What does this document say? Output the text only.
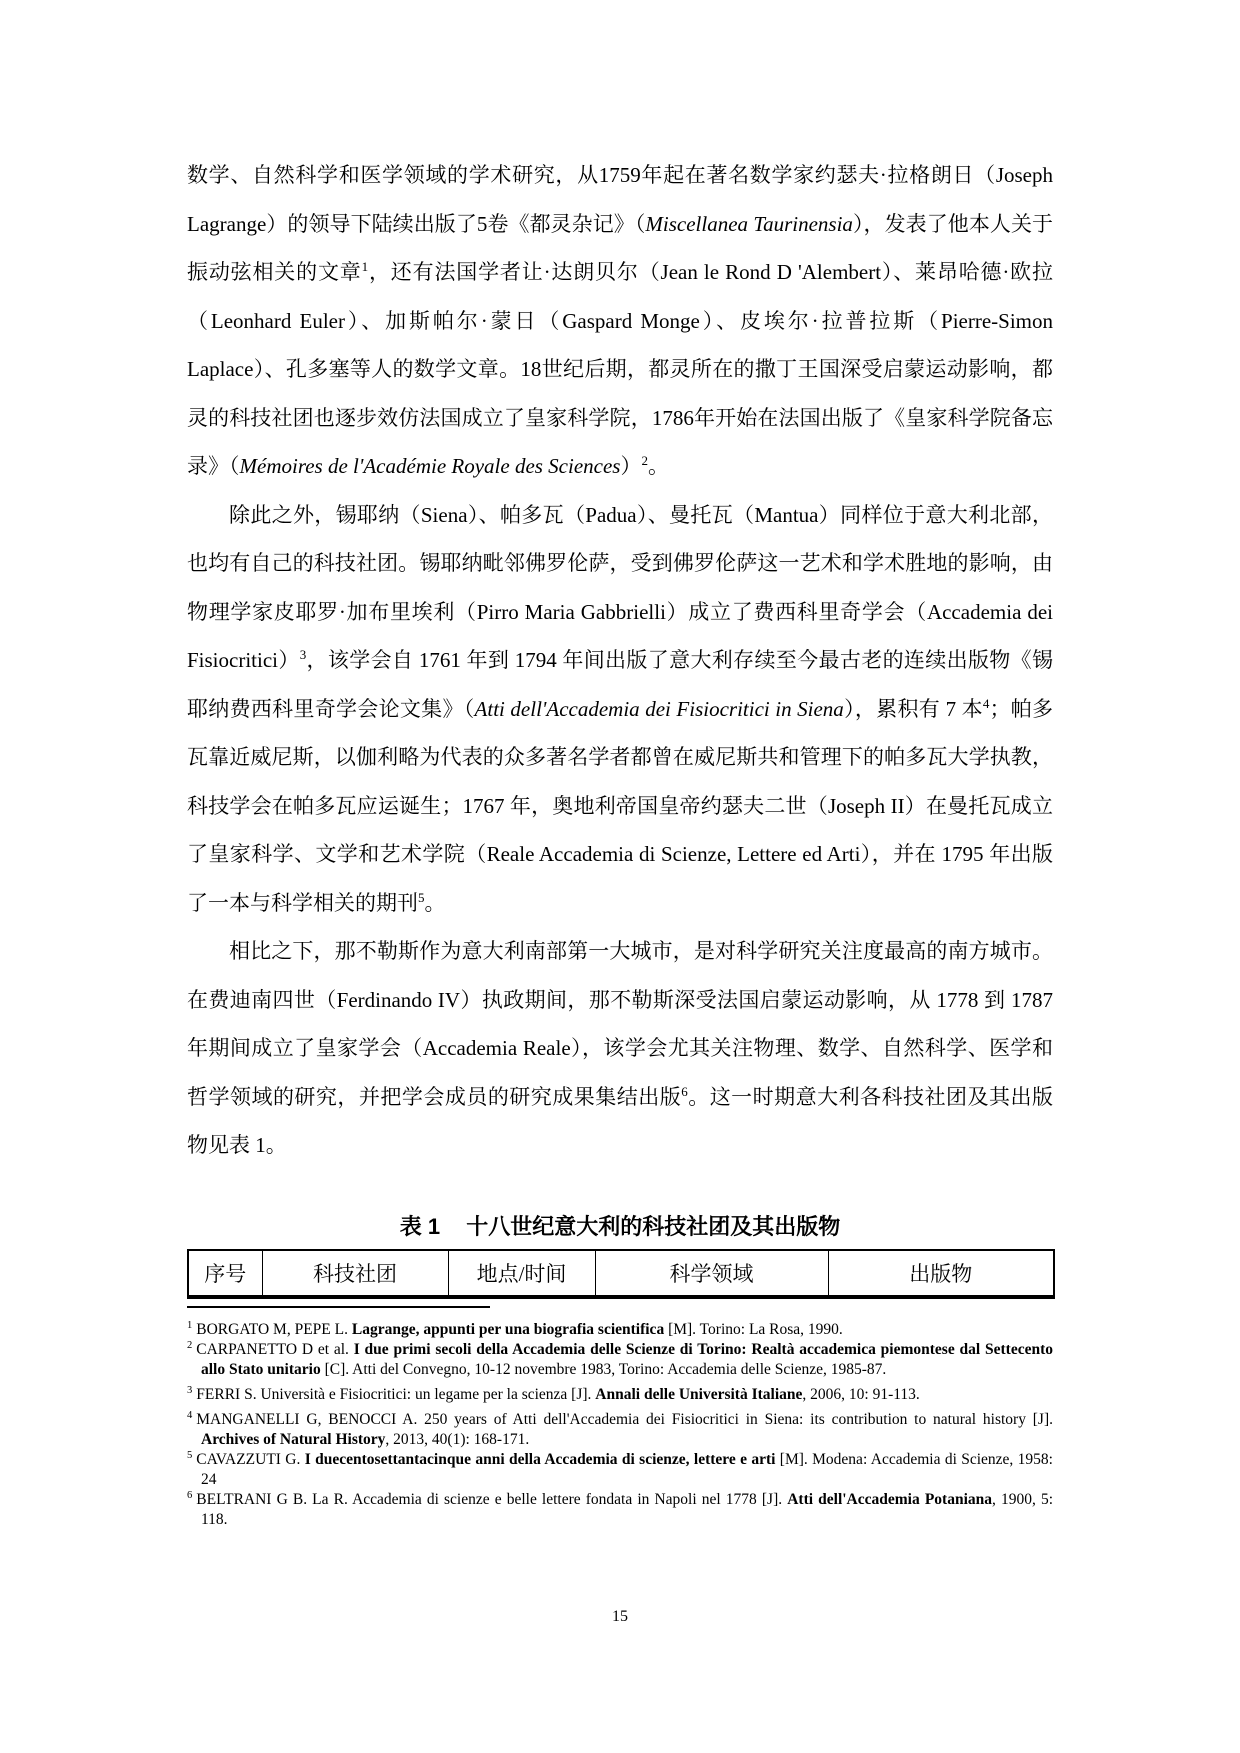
数学、自然科学和医学领域的学术研究，从1759年起在著名数学家约瑟夫·拉格朗日（Joseph Lagrange）的领导下陆续出版了5卷《都灵杂记》（Miscellanea Taurinensia），发表了他本人关于振动弦相关的文章$^1$，还有法国学者让·达朗贝尔（Jean le Rond D 'Alembert）、莱昂哈德·欧拉（Leonhard Euler）、加斯帕尔·蒙日（Gaspard Monge）、皮埃尔·拉普拉斯（Pierre-Simon Laplace）、孔多塞等人的数学文章。18世纪后期，都灵所在的撒丁王国深受启蒙运动影响，都灵的科技社团也逐步效仿法国成立了皇家科学院，1786年开始在法国出版了《皇家科学院备忘录》（Mémoires de l'Académie Royale des Sciences）$^2$。

除此之外，锡耶纳（Siena）、帕多瓦（Padua）、曼托瓦（Mantua）同样位于意大利北部，也均有自己的科技社团。锡耶纳毗邻佛罗伦萨，受到佛罗伦萨这一艺术和学术胜地的影响，由物理学家皮耶罗·加布里埃利（Pirro Maria Gabbrielli）成立了费西科里奇学会（Accademia dei Fisiocritici）$^3$，该学会自 1761 年到 1794 年间出版了意大利存续至今最古老的连续出版物《锡耶纳费西科里奇学会论文集》（Atti dell'Accademia dei Fisiocritici in Siena），累积有 7 本$^4$；帕多瓦靠近威尼斯，以伽利略为代表的众多著名学者都曾在威尼斯共和管理下的帕多瓦大学执教，科技学会在帕多瓦应运诞生；1767 年，奥地利帝国皇帝约瑟夫二世（Joseph II）在曼托瓦成立了皇家科学、文学和艺术学院（Reale Accademia di Scienze, Lettere ed Arti），并在 1795 年出版了一本与科学相关的期刊$^5$。

相比之下，那不勒斯作为意大利南部第一大城市，是对科学研究关注度最高的南方城市。在费迪南四世（Ferdinando IV）执政期间，那不勒斯深受法国启蒙运动影响，从 1778 到 1787 年期间成立了皇家学会（Accademia Reale），该学会尤其关注物理、数学、自然科学、医学和哲学领域的研究，并把学会成员的研究成果集结出版$^6$。这一时期意大利各科技社团及其出版物见表 1。

表 1 十八世纪意大利的科技社团及其出版物
序号	科技社团	地点/时间	科学领域	出版物

$^1$ BORGATO M, PEPE L. Lagrange, appunti per una biografia scientifica [M]. Torino: La Rosa, 1990.

$^2$ CARPANETTO D et al. I due primi secoli della Accademia delle Scienze di Torino: Realtà accademica piemontese dal Settecento allo Stato unitario [C]. Atti del Convegno, 10-12 novembre 1983, Torino: Accademia delle Scienze, 1985-87.

$^3$ FERRI S. Università e Fisiocritici: un legame per la scienza [J]. Annali delle Università Italiane, 2006, 10: 91-113.

$^4$ MANGANELLI G, BENOCCI A. 250 years of Atti dell'Accademia dei Fisiocritici in Siena: its contribution to natural history [J]. Archives of Natural History, 2013, 40(1): 168-171.

$^5$ CAVAZZUTI G. I duecentosettantacinque anni della Accademia di scienze, lettere e arti [M]. Modena: Accademia di Scienze, 1958: 24

$^6$ BELTRANI G B. La R. Accademia di scienze e belle lettere fondata in Napoli nel 1778 [J]. Atti dell'Accademia Potaniana, 1900, 5: 118.

15
